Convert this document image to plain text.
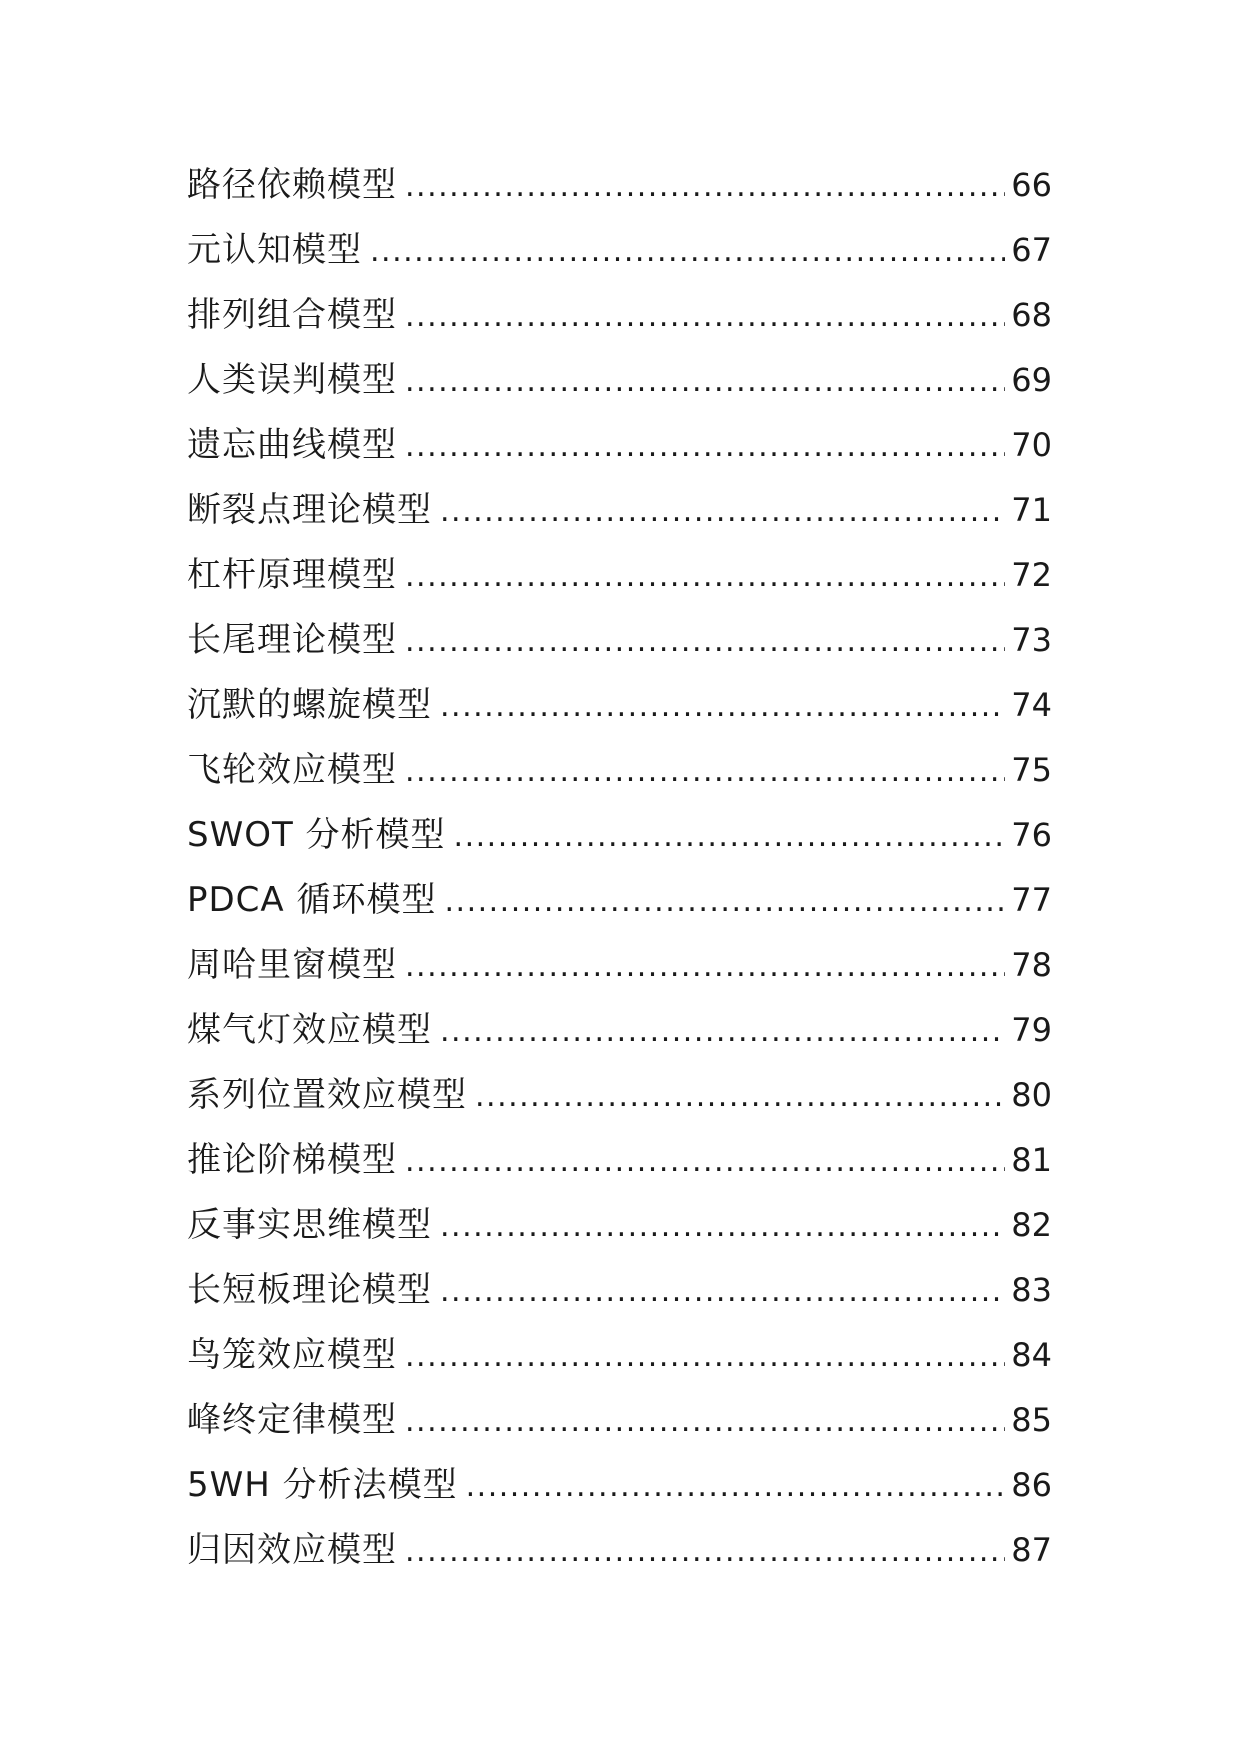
路径依赖模型 .....	66
元认知模型 .....	67
排列组合模型 .....	68
人类误判模型 .....	69
遗忘曲线模型 .....	70
断裂点理论模型 .....	71
杠杆原理模型 .....	72
长尾理论模型 .....	73
沉默的螺旋模型 .....	74
飞轮效应模型 .....	75
SWOT 分析模型 .....	76
PDCA 循环模型 .....	77
周哈里窗模型 .....	78
煤气灯效应模型 .....	79
系列位置效应模型 .....	80
推论阶梯模型 .....	81
反事实思维模型 .....	82
长短板理论模型 .....	83
鸟笼效应模型 .....	84
峰终定律模型 .....	85
5WH 分析法模型 .....	86
归因效应模型 .....	87
